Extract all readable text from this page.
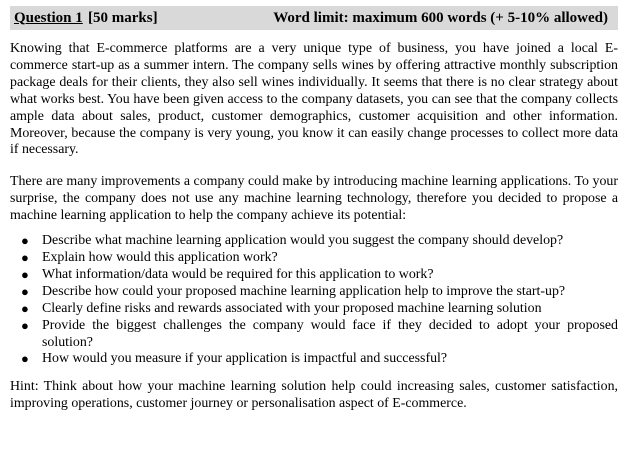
Question 1 [50 marks]	Word limit: maximum 600 words (+ 5-10% allowed)

Knowing that E-commerce platforms are a very unique type of business, you have joined a local E-commerce start-up as a summer intern. The company sells wines by offering attractive monthly subscription package deals for their clients, they also sell wines individually. It seems that there is no clear strategy about what works best. You have been given access to the company datasets, you can see that the company collects ample data about sales, product, customer demographics, customer acquisition and other information. Moreover, because the company is very young, you know it can easily change processes to collect more data if necessary.

There are many improvements a company could make by introducing machine learning applications. To your surprise, the company does not use any machine learning technology, therefore you decided to propose a machine learning application to help the company achieve its potential:

● Describe what machine learning application would you suggest the company should develop?
● Explain how would this application work?
● What information/data would be required for this application to work?
● Describe how could your proposed machine learning application help to improve the start-up?
● Clearly define risks and rewards associated with your proposed machine learning solution
● Provide the biggest challenges the company would face if they decided to adopt your proposed solution?
● How would you measure if your application is impactful and successful?

Hint: Think about how your machine learning solution help could increasing sales, customer satisfaction, improving operations, customer journey or personalisation aspect of E-commerce.
